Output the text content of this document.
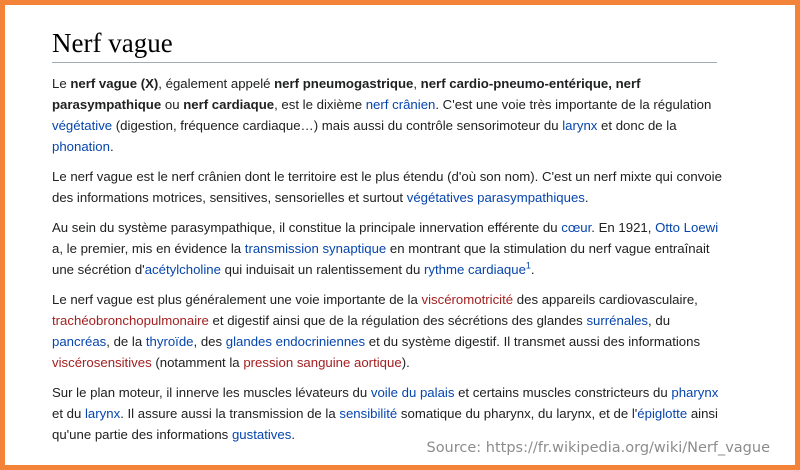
Nerf vague

Le nerf vague (X), également appelé nerf pneumogastrique, nerf cardio-pneumo-entérique, nerf parasympathique ou nerf cardiaque, est le dixième nerf crânien. C'est une voie très importante de la régulation végétative (digestion, fréquence cardiaque…) mais aussi du contrôle sensorimoteur du larynx et donc de la phonation.

Le nerf vague est le nerf crânien dont le territoire est le plus étendu (d'où son nom). C'est un nerf mixte qui convoie des informations motrices, sensitives, sensorielles et surtout végétatives parasympathiques.

Au sein du système parasympathique, il constitue la principale innervation efférente du cœur. En 1921, Otto Loewi a, le premier, mis en évidence la transmission synaptique en montrant que la stimulation du nerf vague entraînait une sécrétion d'acétylcholine qui induisait un ralentissement du rythme cardiaque$^1$.

Le nerf vague est plus généralement une voie importante de la viscéromotricité des appareils cardiovasculaire, trachéobronchopulmonaire et digestif ainsi que de la régulation des sécrétions des glandes surrénales, du pancréas, de la thyroïde, des glandes endocriniennes et du système digestif. Il transmet aussi des informations viscérosensitives (notamment la pression sanguine aortique).

Sur le plan moteur, il innerve les muscles lévateurs du voile du palais et certains muscles constricteurs du pharynx et du larynx. Il assure aussi la transmission de la sensibilité somatique du pharynx, du larynx, et de l'épiglotte ainsi qu'une partie des informations gustatives.

Source: https://fr.wikipedia.org/wiki/Nerf_vague
